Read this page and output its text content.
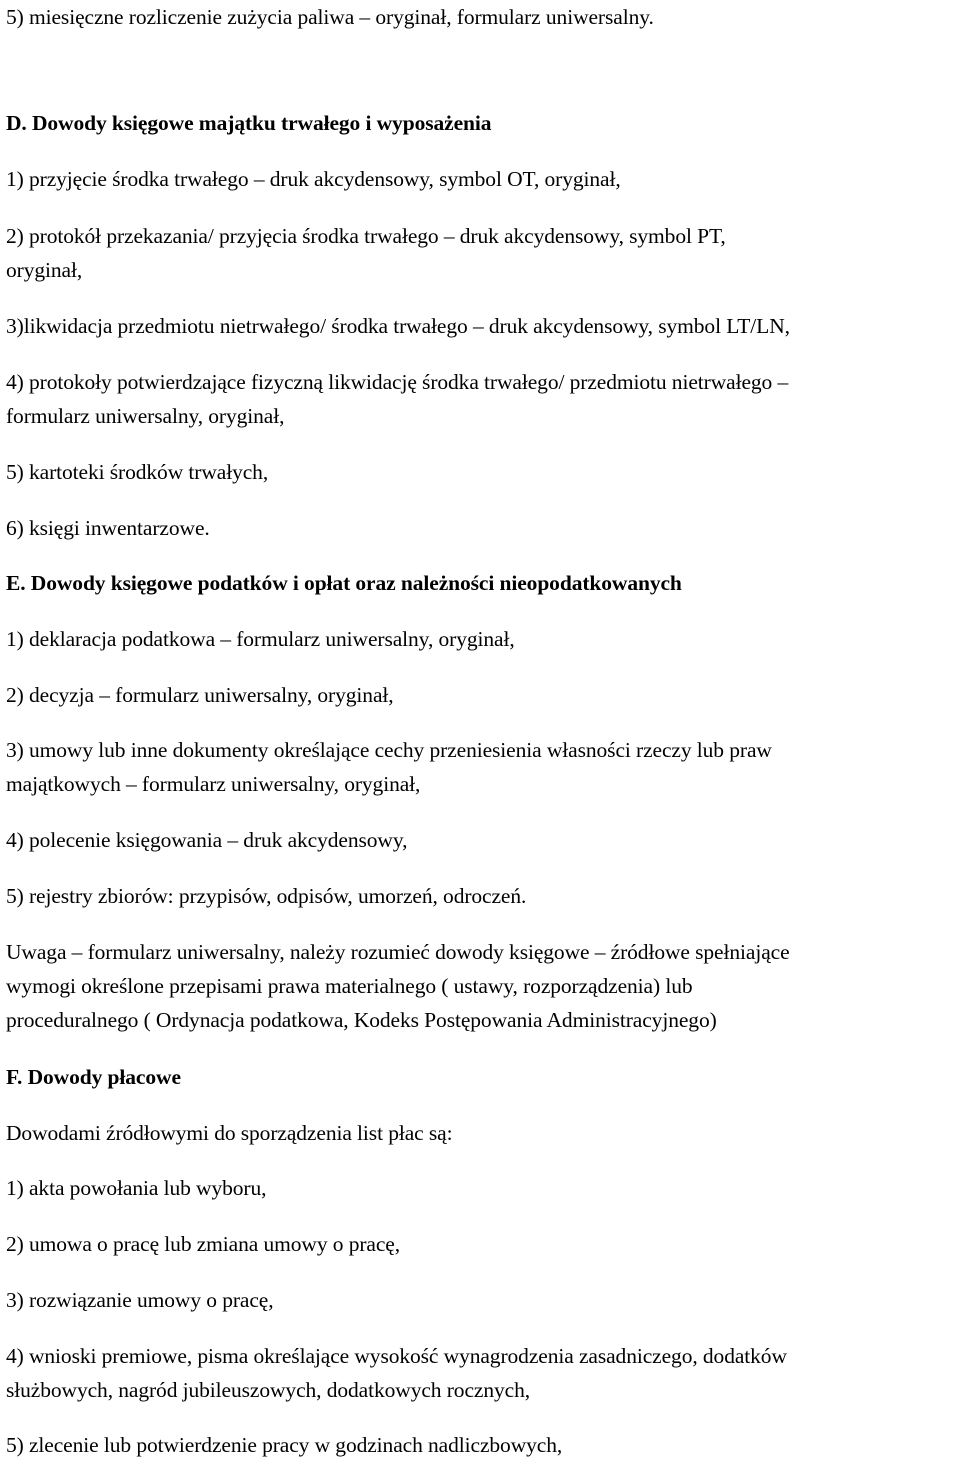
5) miesięczne rozliczenie zużycia paliwa – oryginał, formularz uniwersalny.
D. Dowody księgowe majątku trwałego i wyposażenia
1) przyjęcie środka trwałego – druk akcydensowy, symbol OT, oryginał,
2) protokół przekazania/ przyjęcia środka trwałego – druk akcydensowy, symbol PT,
oryginał,
3)likwidacja przedmiotu nietrwałego/ środka trwałego – druk akcydensowy, symbol LT/LN,
4) protokoły potwierdzające fizyczną likwidację środka trwałego/ przedmiotu nietrwałego –
formularz uniwersalny, oryginał,
5) kartoteki środków trwałych,
6) księgi inwentarzowe.
E. Dowody księgowe podatków i opłat oraz należności nieopodatkowanych
1) deklaracja podatkowa – formularz uniwersalny, oryginał,
2) decyzja – formularz uniwersalny, oryginał,
3) umowy lub inne dokumenty określające cechy przeniesienia własności rzeczy lub praw
majątkowych – formularz uniwersalny, oryginał,
4) polecenie księgowania – druk akcydensowy,
5) rejestry zbiorów: przypisów, odpisów, umorzeń, odroczeń.
Uwaga – formularz uniwersalny, należy rozumieć dowody księgowe – źródłowe spełniające
wymogi określone przepisami prawa materialnego ( ustawy, rozporządzenia) lub
proceduralnego ( Ordynacja podatkowa, Kodeks Postępowania Administracyjnego)
F. Dowody płacowe
Dowodami źródłowymi do sporządzenia list płac są:
1) akta powołania lub wyboru,
2) umowa o pracę lub zmiana umowy o pracę,
3) rozwiązanie umowy o pracę,
4) wnioski premiowe, pisma określające wysokość wynagrodzenia zasadniczego, dodatków
służbowych, nagród jubileuszowych, dodatkowych rocznych,
5) zlecenie lub potwierdzenie pracy w godzinach nadliczbowych,
